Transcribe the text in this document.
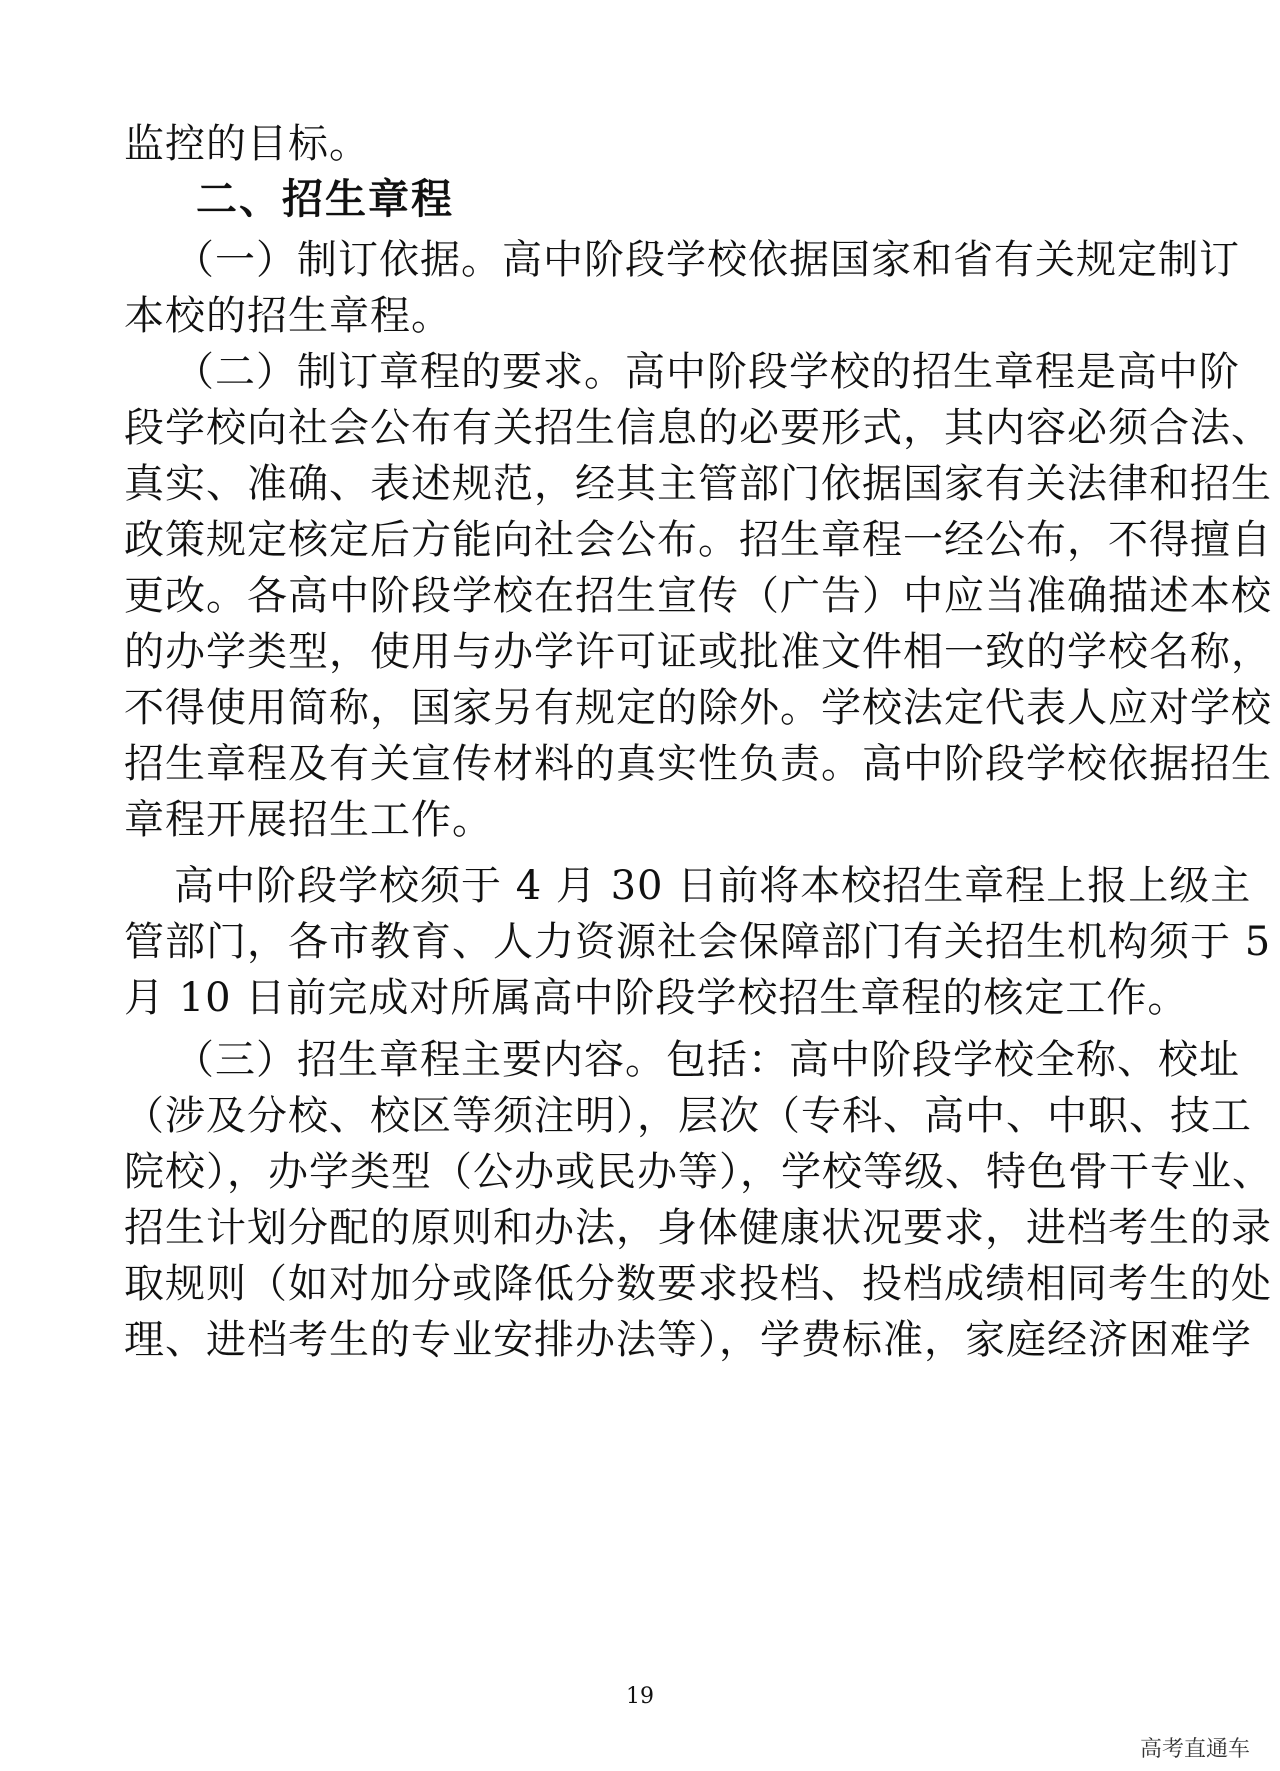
监控的目标。
二、招生章程
（一）制订依据。高中阶段学校依据国家和省有关规定制订
本校的招生章程。
（二）制订章程的要求。高中阶段学校的招生章程是高中阶
段学校向社会公布有关招生信息的必要形式，其内容必须合法、
真实、准确、表述规范，经其主管部门依据国家有关法律和招生
政策规定核定后方能向社会公布。招生章程一经公布，不得擅自
更改。各高中阶段学校在招生宣传（广告）中应当准确描述本校
的办学类型，使用与办学许可证或批准文件相一致的学校名称，
不得使用简称，国家另有规定的除外。学校法定代表人应对学校
招生章程及有关宣传材料的真实性负责。高中阶段学校依据招生
章程开展招生工作。
高中阶段学校须于 4 月 30 日前将本校招生章程上报上级主
管部门，各市教育、人力资源社会保障部门有关招生机构须于 5
月 10 日前完成对所属高中阶段学校招生章程的核定工作。
（三）招生章程主要内容。包括：高中阶段学校全称、校址
（涉及分校、校区等须注明），层次（专科、高中、中职、技工
院校），办学类型（公办或民办等），学校等级、特色骨干专业、
招生计划分配的原则和办法，身体健康状况要求，进档考生的录
取规则（如对加分或降低分数要求投档、投档成绩相同考生的处
理、进档考生的专业安排办法等），学费标准，家庭经济困难学
19
高考直通车
